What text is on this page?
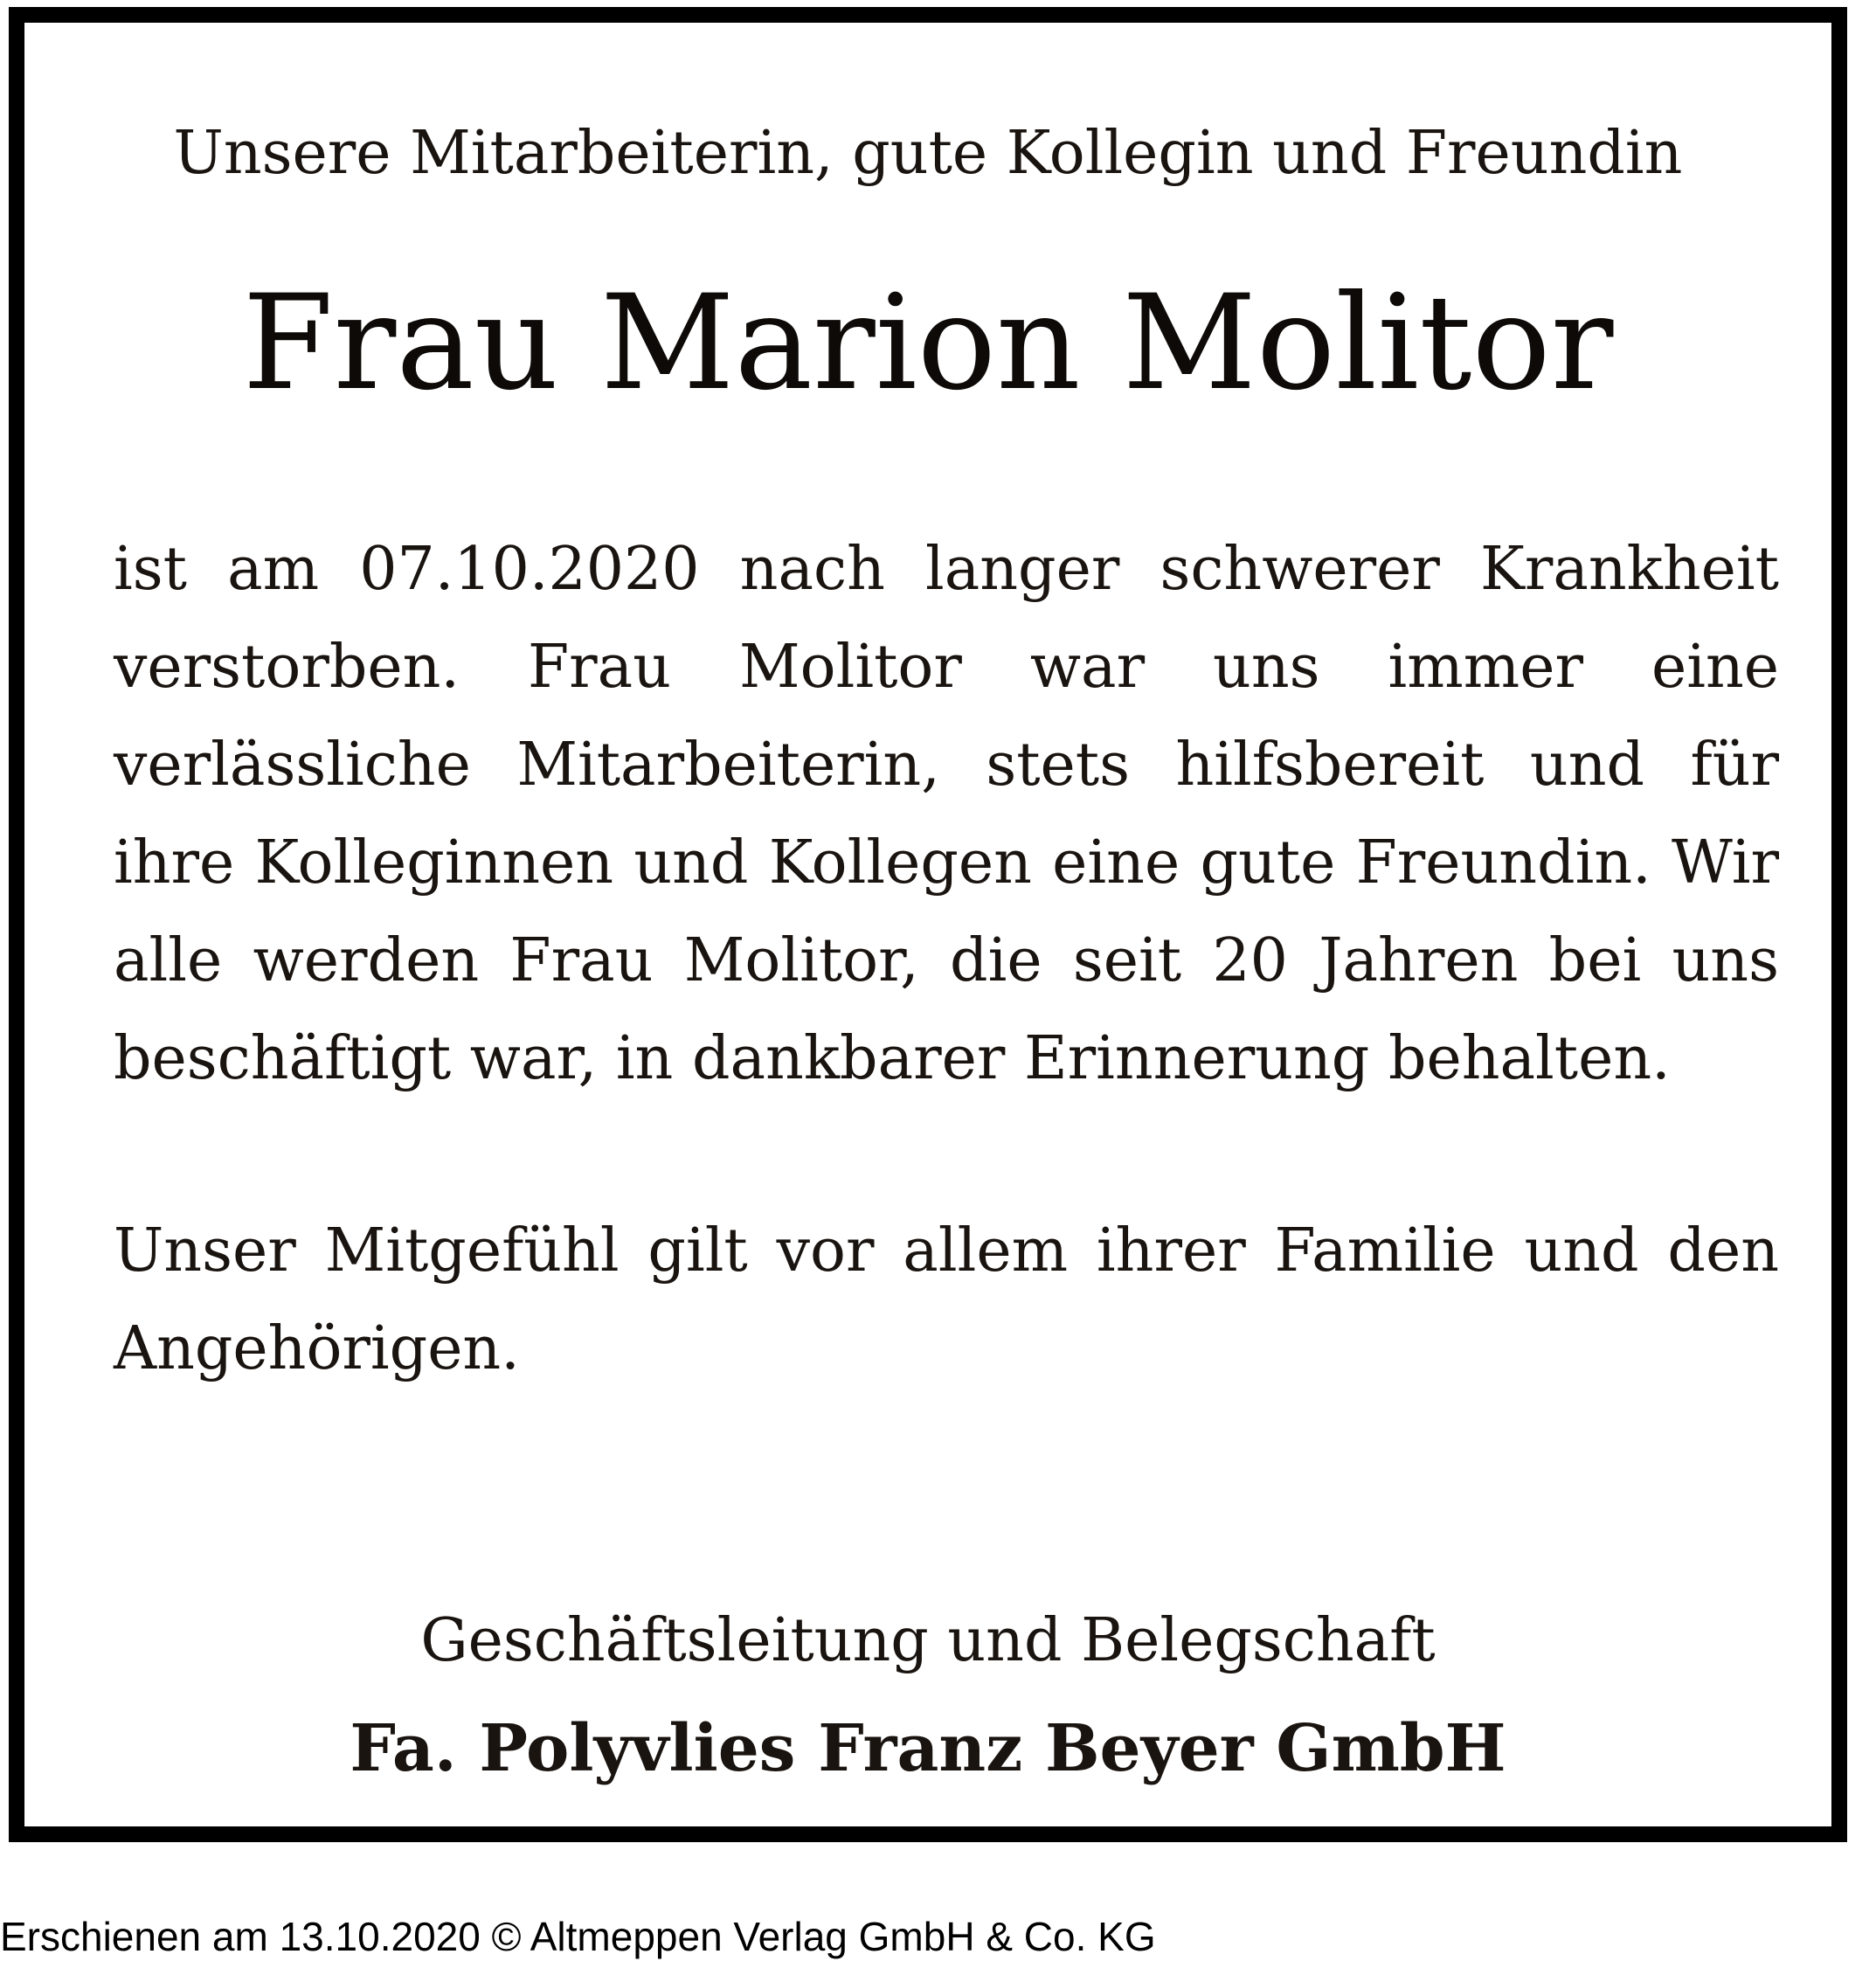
Unsere Mitarbeiterin, gute Kollegin und Freundin
Frau Marion Molitor

ist am 07.10.2020 nach langer schwerer Krankheit verstorben. Frau Molitor war uns immer eine verlässliche Mitarbeiterin, stets hilfsbereit und für ihre Kolleginnen und Kollegen eine gute Freundin. Wir alle werden Frau Molitor, die seit 20 Jahren bei uns beschäftigt war, in dankbarer Erinnerung behalten.

Unser Mitgefühl gilt vor allem ihrer Familie und den Angehörigen.

Geschäftsleitung und Belegschaft
Fa. Polyvlies Franz Beyer GmbH
Erschienen am 13.10.2020 © Altmeppen Verlag GmbH & Co. KG
